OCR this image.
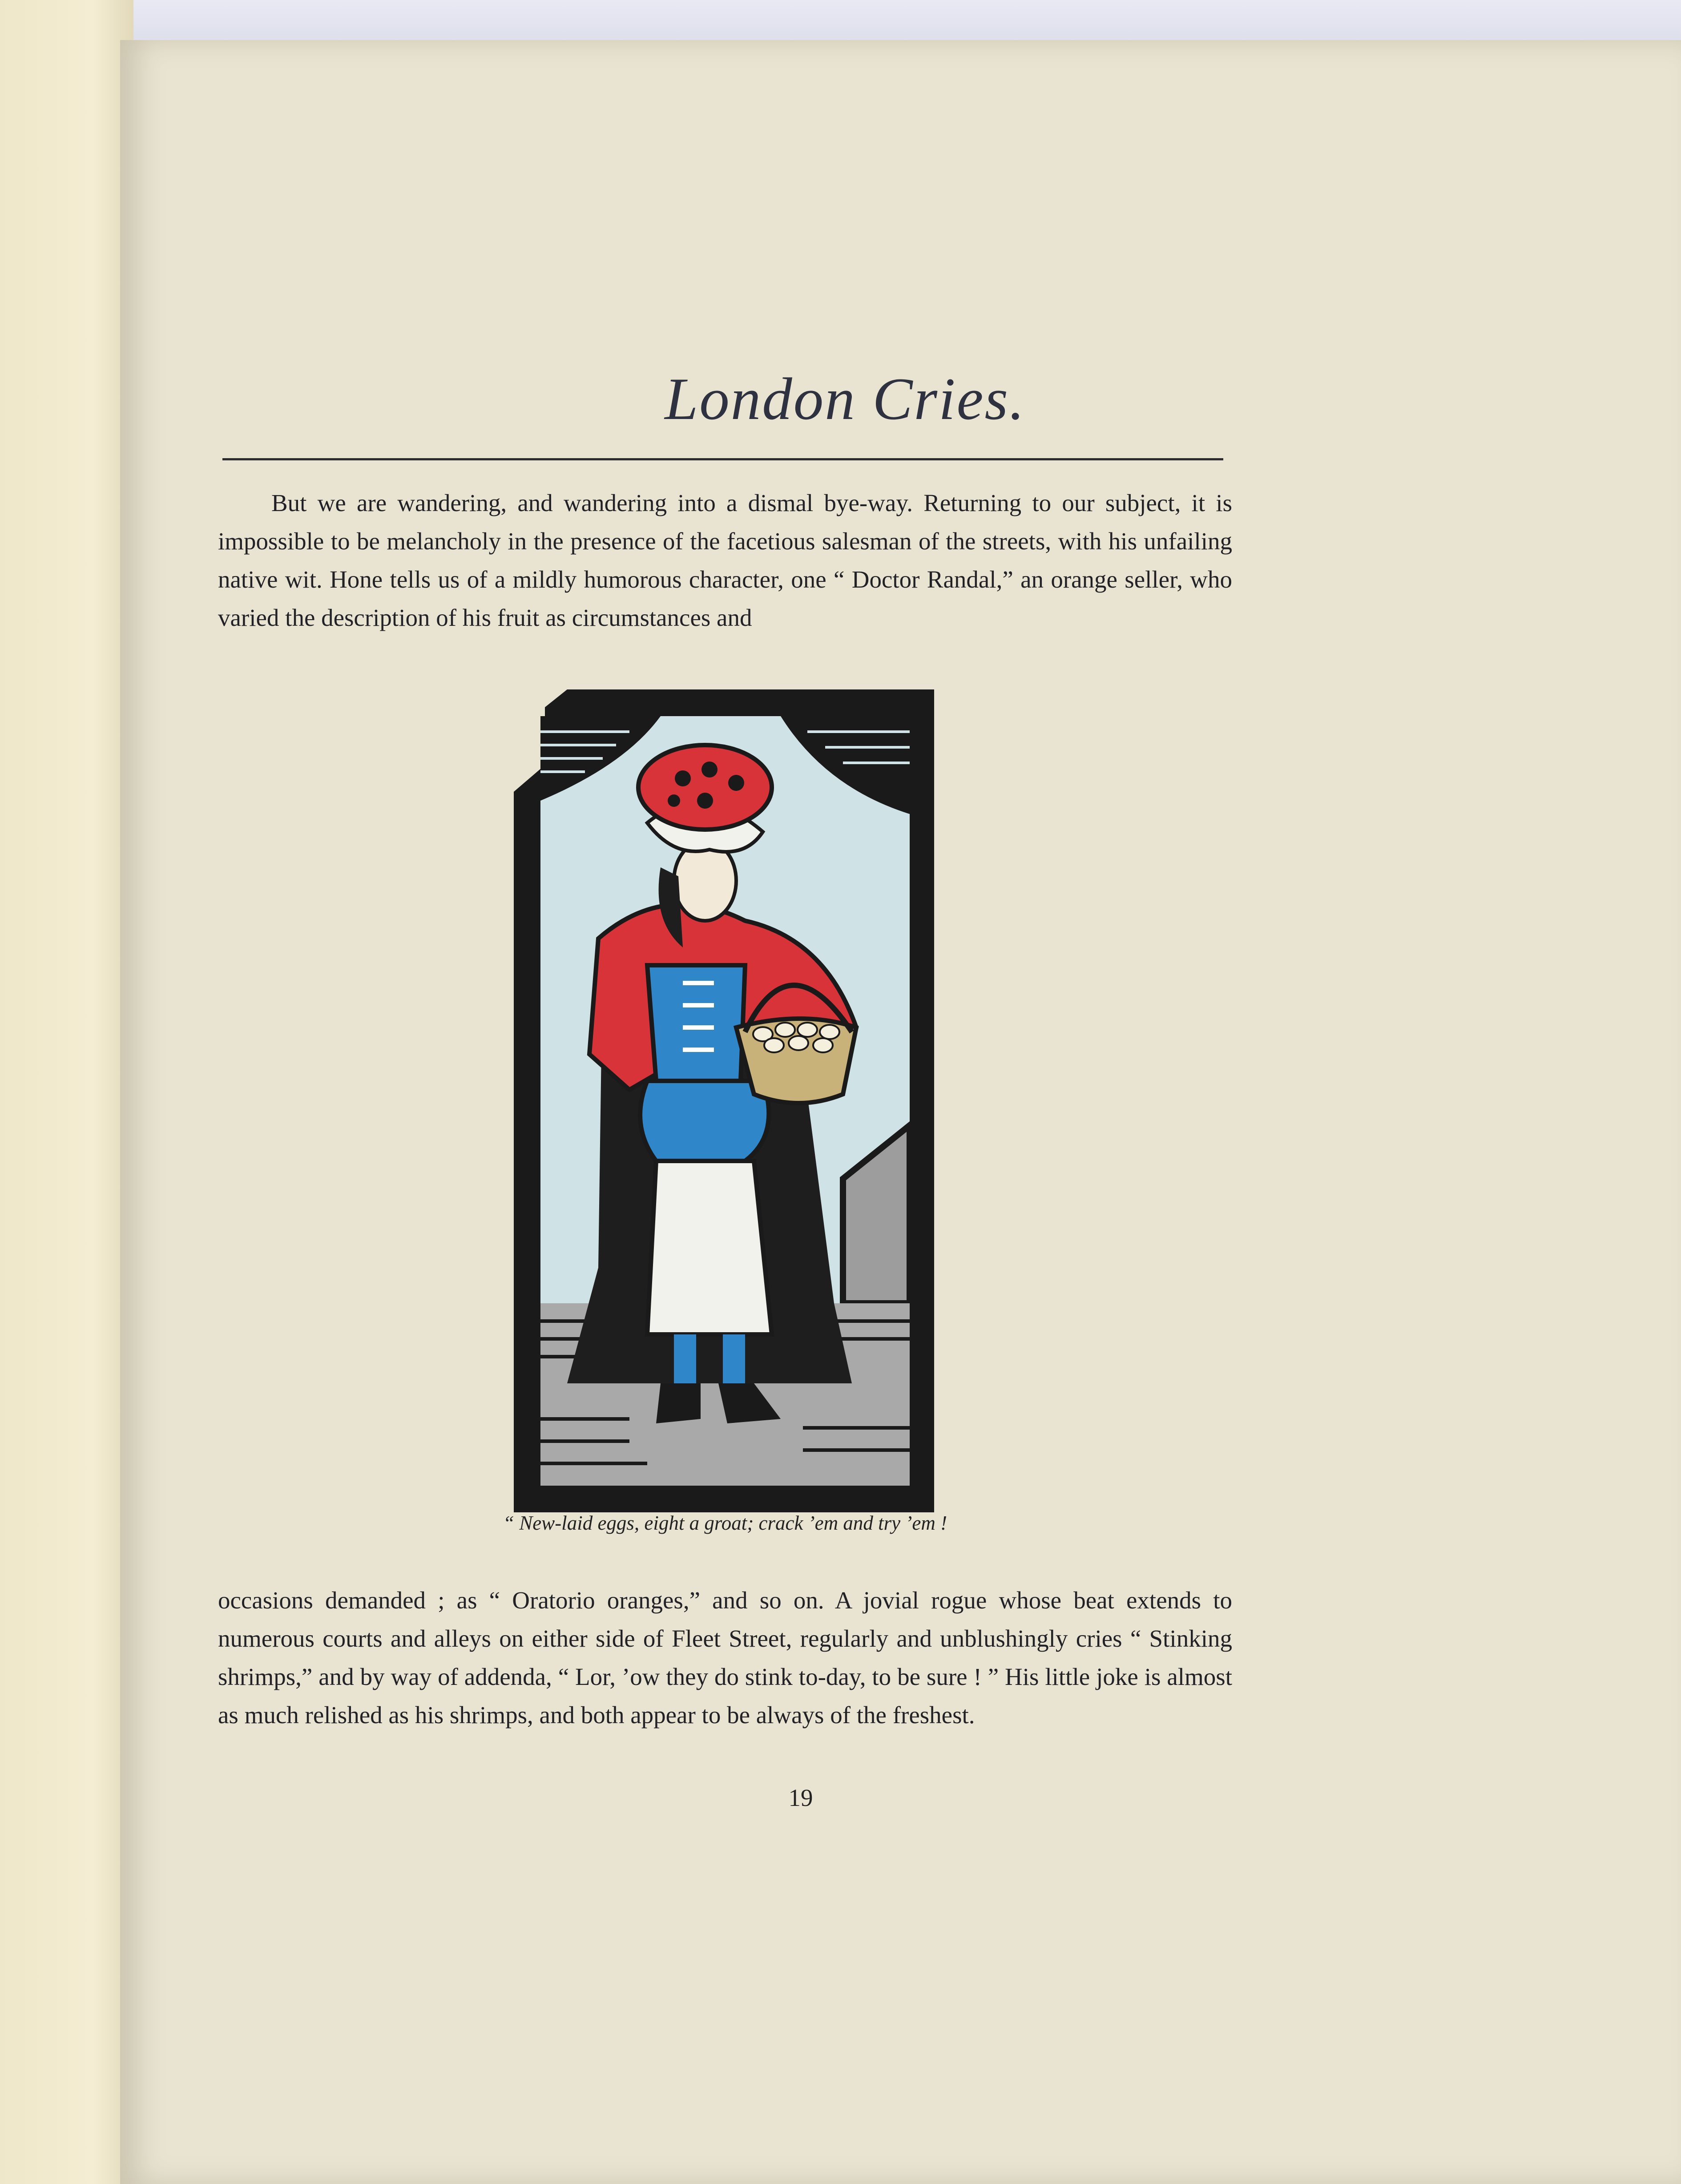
London Cries.
But we are wandering, and wandering into a dismal bye-way. Returning to our subject, it is impossible to be melancholy in the presence of the facetious salesman of the streets, with his unfailing native wit. Hone tells us of a mildly humorous character, one “ Doctor Randal,” an orange seller, who varied the description of his fruit as circumstances and
“ New-laid eggs, eight a groat; crack ’em and try ’em !
occasions demanded ; as “ Oratorio oranges,” and so on. A jovial rogue whose beat extends to numerous courts and alleys on either side of Fleet Street, regularly and unblushingly cries “ Stinking shrimps,” and by way of addenda, “ Lor, ’ow they do stink to-day, to be sure ! ” His little joke is almost as much relished as his shrimps, and both appear to be always of the freshest.
19
